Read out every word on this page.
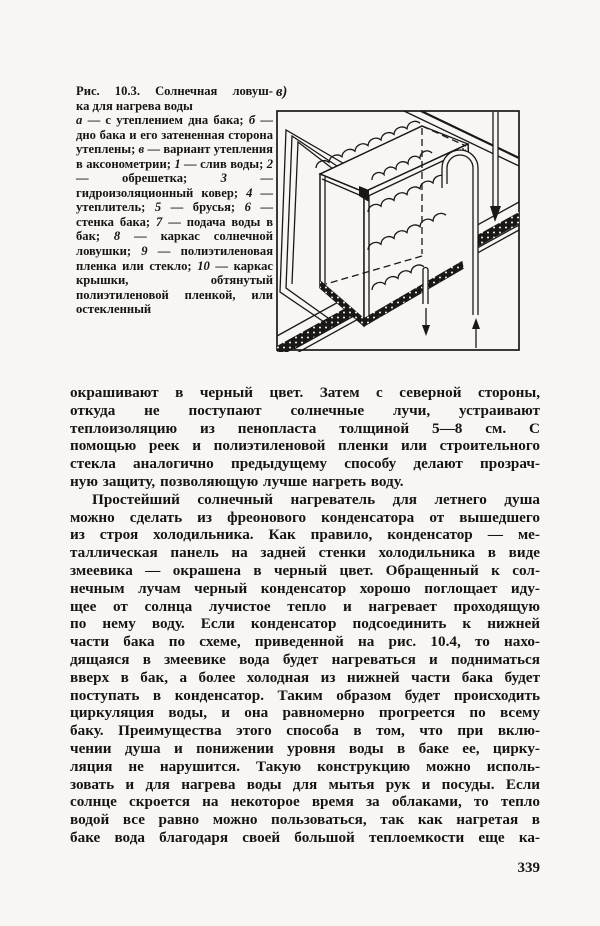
Рис. 10.3. Солнечная ловуш-
ка для нагрева воды
а — с утеплением дна бака; б — дно бака и его затененная сторона утеплены; в — вариант утепления в аксонометрии; 1 — слив воды; 2 — обрешетка; 3 — гидроизоляционный ковер; 4 — утеплитель; 5 — брусья; 6 — стенка бака; 7 — подача воды в бак; 8 — каркас солнечной ловушки; 9 — полиэтиленовая пленка или стекло; 10 — каркас крышки, обтянутый полиэтиленовой пленкой, или остекленный
в)
окрашивают в черный цвет. Затем с северной стороны,
откуда не поступают солнечные лучи, устраивают
теплоизоляцию из пенопласта толщиной 5—8 см. С
помощью реек и полиэтиленовой пленки или строительного
стекла аналогично предыдущему способу делают прозрач-
ную защиту, позволяющую лучше нагреть воду.
Простейший солнечный нагреватель для летнего душа
можно сделать из фреонового конденсатора от вышедшего
из строя холодильника. Как правило, конденсатор — ме-
таллическая панель на задней стенки холодильника в виде
змеевика — окрашена в черный цвет. Обращенный к сол-
нечным лучам черный конденсатор хорошо поглощает иду-
щее от солнца лучистое тепло и нагревает проходящую
по нему воду. Если конденсатор подсоединить к нижней
части бака по схеме, приведенной на рис. 10.4, то нахо-
дящаяся в змеевике вода будет нагреваться и подниматься
вверх в бак, а более холодная из нижней части бака будет
поступать в конденсатор. Таким образом будет происходить
циркуляция воды, и она равномерно прогреется по всему
баку. Преимущества этого способа в том, что при вклю-
чении душа и понижении уровня воды в баке ее, цирку-
ляция не нарушится. Такую конструкцию можно исполь-
зовать и для нагрева воды для мытья рук и посуды. Если
солнце скроется на некоторое время за облаками, то тепло
водой все равно можно пользоваться, так как нагретая в
баке вода благодаря своей большой теплоемкости еще ка-
339
